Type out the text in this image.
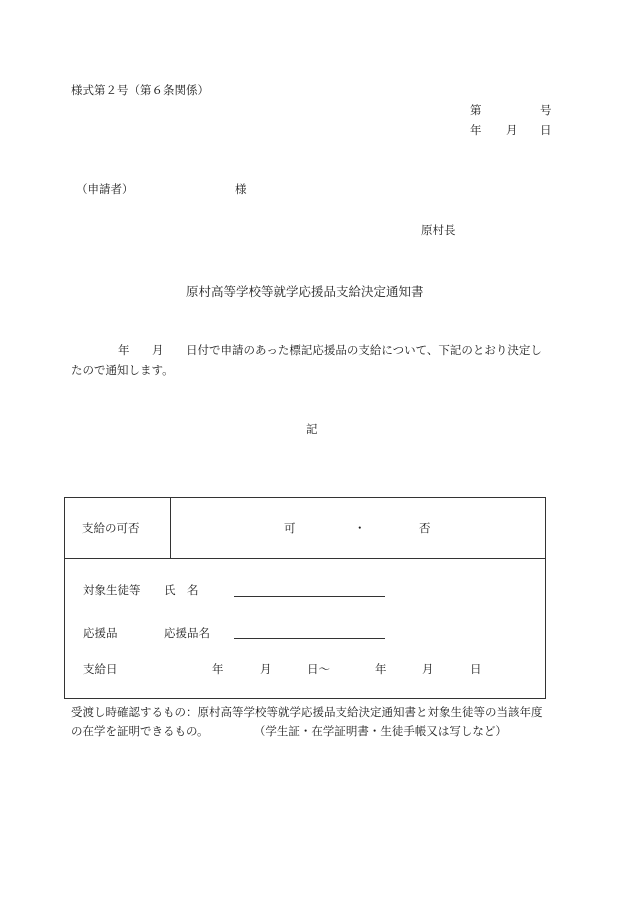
様式第２号（第６条関係）
第	号
年 月 日
（申請者）	様
原村長
原村高等学校等就学応援品支給決定通知書
年 月 日付で申請のあった標記応援品の支給について、下記のとおり決定し
たので通知します。
記
支給の可否	可	・	否

対象生徒等 氏　名
応援品	応援品名
支給日	年	月	日〜	年	月	日
受渡し時確認するもの：原村高等学校等就学応援品支給決定通知書と対象生徒等の当該年度
の在学を証明できるもの。	（学生証・在学証明書・生徒手帳又は写しなど）
